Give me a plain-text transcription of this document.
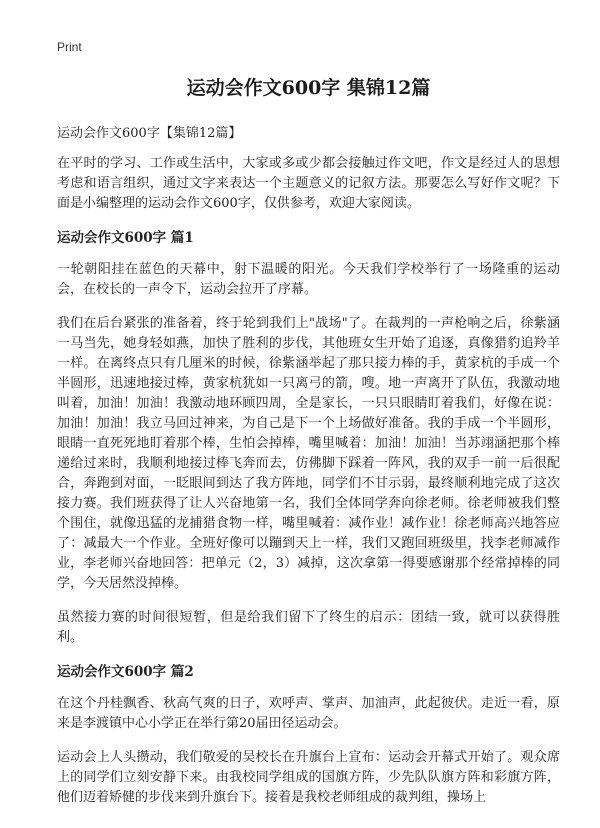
Print
运动会作文600字 集锦12篇
运动会作文600字【集锦12篇】

在平时的学习、工作或生活中，大家或多或少都会接触过作文吧，作文是经过人的思想考虑和语言组织，通过文字来表达一个主题意义的记叙方法。那要怎么写好作文呢？下面是小编整理的运动会作文600字，仅供参考，欢迎大家阅读。

运动会作文600字 篇1

一轮朝阳挂在蓝色的天幕中，射下温暖的阳光。今天我们学校举行了一场隆重的运动会，在校长的一声令下，运动会拉开了序幕。

我们在后台紧张的准备着，终于轮到我们上"战场"了。在裁判的一声枪响之后，徐紫涵一马当先，她身轻如燕，加快了胜利的步伐，其他班女生开始了追逐，真像猎豹追羚羊一样。在离终点只有几厘米的时候，徐紫涵举起了那只接力棒的手，黄家杭的手成一个半圆形，迅速地接过棒，黄家杭犹如一只离弓的箭，嗖。地一声离开了队伍，我激动地叫着，加油！加油！我激动地环顾四周，全是家长，一只只眼睛盯着我们，好像在说：加油！加油！我立马回过神来，为自己是下一个上场做好准备。我的手成一个半圆形，眼睛一直死死地盯着那个棒，生怕会掉棒，嘴里喊着：加油！加油！当苏翊涵把那个棒递给过来时，我顺利地接过棒飞奔而去，仿佛脚下踩着一阵风，我的双手一前一后很配合，奔跑到对面，一眨眼间到达了我方阵地，同学们不甘示弱，最终顺利地完成了这次接力赛。我们班获得了让人兴奋地第一名，我们全体同学奔向徐老师。徐老师被我们整个围住，就像迅猛的龙捕猎食物一样，嘴里喊着：减作业！减作业！徐老师高兴地答应了：减最大一个作业。全班好像可以蹦到天上一样，我们又跑回班级里，找李老师减作业，李老师兴奋地回答：把单元（2，3）减掉，这次拿第一得要感谢那个经常掉棒的同学，今天居然没掉棒。

虽然接力赛的时间很短暂，但是给我们留下了终生的启示：团结一致，就可以获得胜利。

运动会作文600字 篇2

在这个丹桂飘香、秋高气爽的日子，欢呼声、掌声、加油声，此起彼伏。走近一看，原来是李渡镇中心小学正在举行第20届田径运动会。

运动会上人头攒动，我们敬爱的吴校长在升旗台上宣布：运动会开幕式开始了。观众席上的同学们立刻安静下来。由我校同学组成的国旗方阵，少先队队旗方阵和彩旗方阵，他们迈着矫健的步伐来到升旗台下。接着是我校老师组成的裁判组，操场上
